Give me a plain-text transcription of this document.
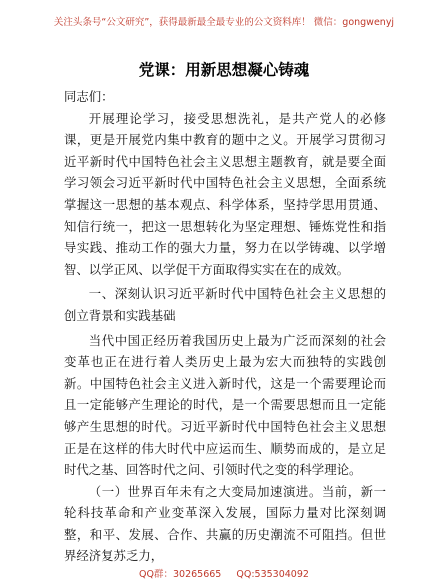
关注头条号“公文研究”，获得最新最全最专业的公文资料库！ 微信：gongwenyj
党课：用新思想凝心铸魂

同志们：

开展理论学习，接受思想洗礼，是共产党人的必修课，更是开展党内集中教育的题中之义。开展学习贯彻习近平新时代中国特色社会主义思想主题教育，就是要全面学习领会习近平新时代中国特色社会主义思想，全面系统掌握这一思想的基本观点、科学体系，坚持学思用贯通、知信行统一，把这一思想转化为坚定理想、锤炼党性和指导实践、推动工作的强大力量，努力在以学铸魂、以学增智、以学正风、以学促干方面取得实实在在的成效。

一、深刻认识习近平新时代中国特色社会主义思想的创立背景和实践基础

当代中国正经历着我国历史上最为广泛而深刻的社会变革也正在进行着人类历史上最为宏大而独特的实践创新。中国特色社会主义进入新时代，这是一个需要理论而且一定能够产生理论的时代，是一个需要思想而且一定能够产生思想的时代。习近平新时代中国特色社会主义思想正是在这样的伟大时代中应运而生、顺势而成的，是立足时代之基、回答时代之问、引领时代之变的科学理论。

（一）世界百年未有之大变局加速演进。当前，新一轮科技革命和产业变革深入发展，国际力量对比深刻调整，和平、发展、合作、共赢的历史潮流不可阻挡。但世界经济复苏乏力，

QQ群：30265665 QQ:535304092
